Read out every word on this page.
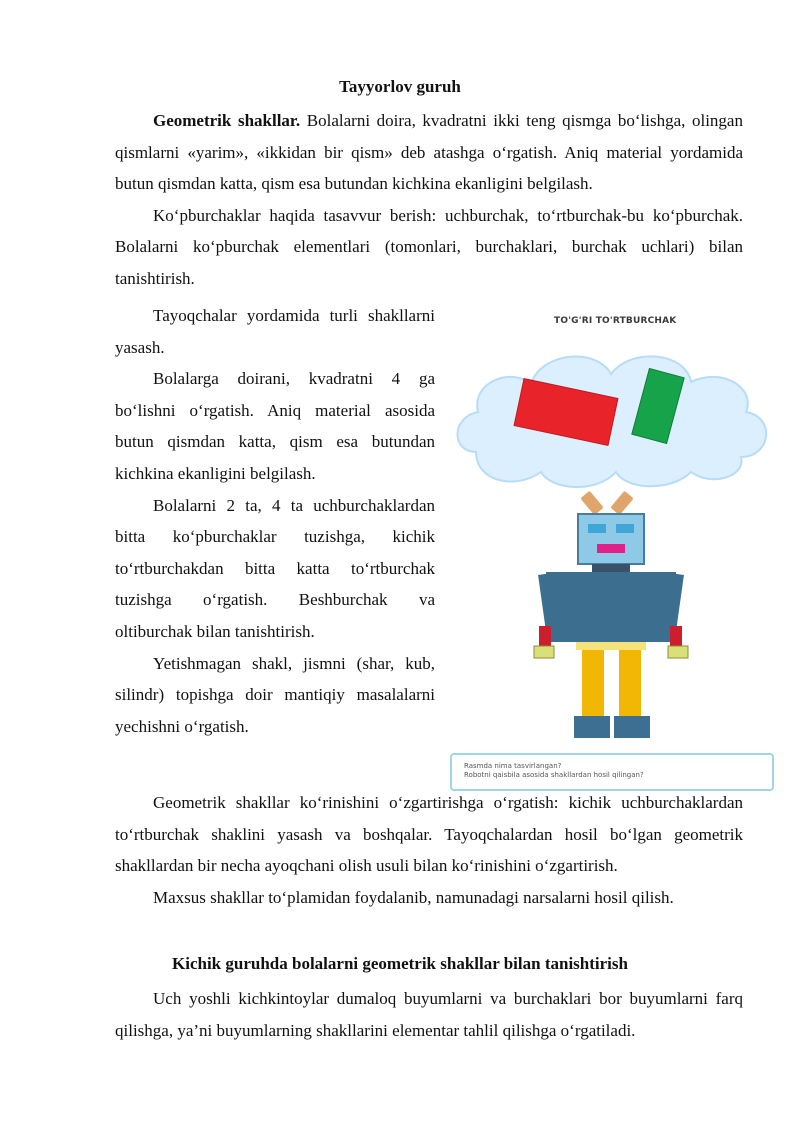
Tayyorlov guruh

Geometrik shakllar. Bolalarni doira, kvadratni ikki teng qismga bo‘lishga, olingan qismlarni «yarim», «ikkidan bir qism» deb atashga o‘rgatish. Aniq material yordamida butun qismdan katta, qism esa butundan kichkina ekanligini belgilash.

Ko‘pburchaklar haqida tasavvur berish: uchburchak, to‘rtburchak-bu ko‘pburchak. Bolalarni ko‘pburchak elementlari (tomonlari, burchaklari, burchak uchlari) bilan tanishtirish.

Tayoqchalar yordamida turli shakllarni yasash.

Bolalarga doirani, kvadratni 4 ga bo‘lishni o‘rgatish. Aniq material asosida butun qismdan katta, qism esa butundan kichkina ekanligini belgilash.

Bolalarni 2 ta, 4 ta uchburchaklardan bitta ko‘pburchaklar tuzishga, kichik to‘rtburchakdan bitta katta to‘rtburchak tuzishga o‘rgatish. Beshburchak va oltiburchak bilan tanishtirish.

Yetishmagan shakl, jismni (shar, kub, silindr) topishga doir mantiqiy masalalarni yechishni o‘rgatish.

Geometrik shakllar ko‘rinishini o‘zgartirishga o‘rgatish: kichik uchburchaklardan to‘rtburchak shaklini yasash va boshqalar. Tayoqchalardan hosil bo‘lgan geometrik shakllardan bir necha ayoqchani olish usuli bilan ko‘rinishini o‘zgartirish.

Maxsus shakllar to‘plamidan foydalanib, namunadagi narsalarni hosil qilish.

Kichik guruhda bolalarni geometrik shakllar bilan tanishtirish

Uch yoshli kichkintoylar dumaloq buyumlarni va burchaklari bor buyumlarni farq qilishga, ya’ni buyumlarning shakllarini elementar tahlil qilishga o‘rgatiladi.

TO'G'RI TO'RTBURCHAK
Rasmda nima tasvirlangan?
Robotni qaisbila asosida shakllardan hosil qilingan?
